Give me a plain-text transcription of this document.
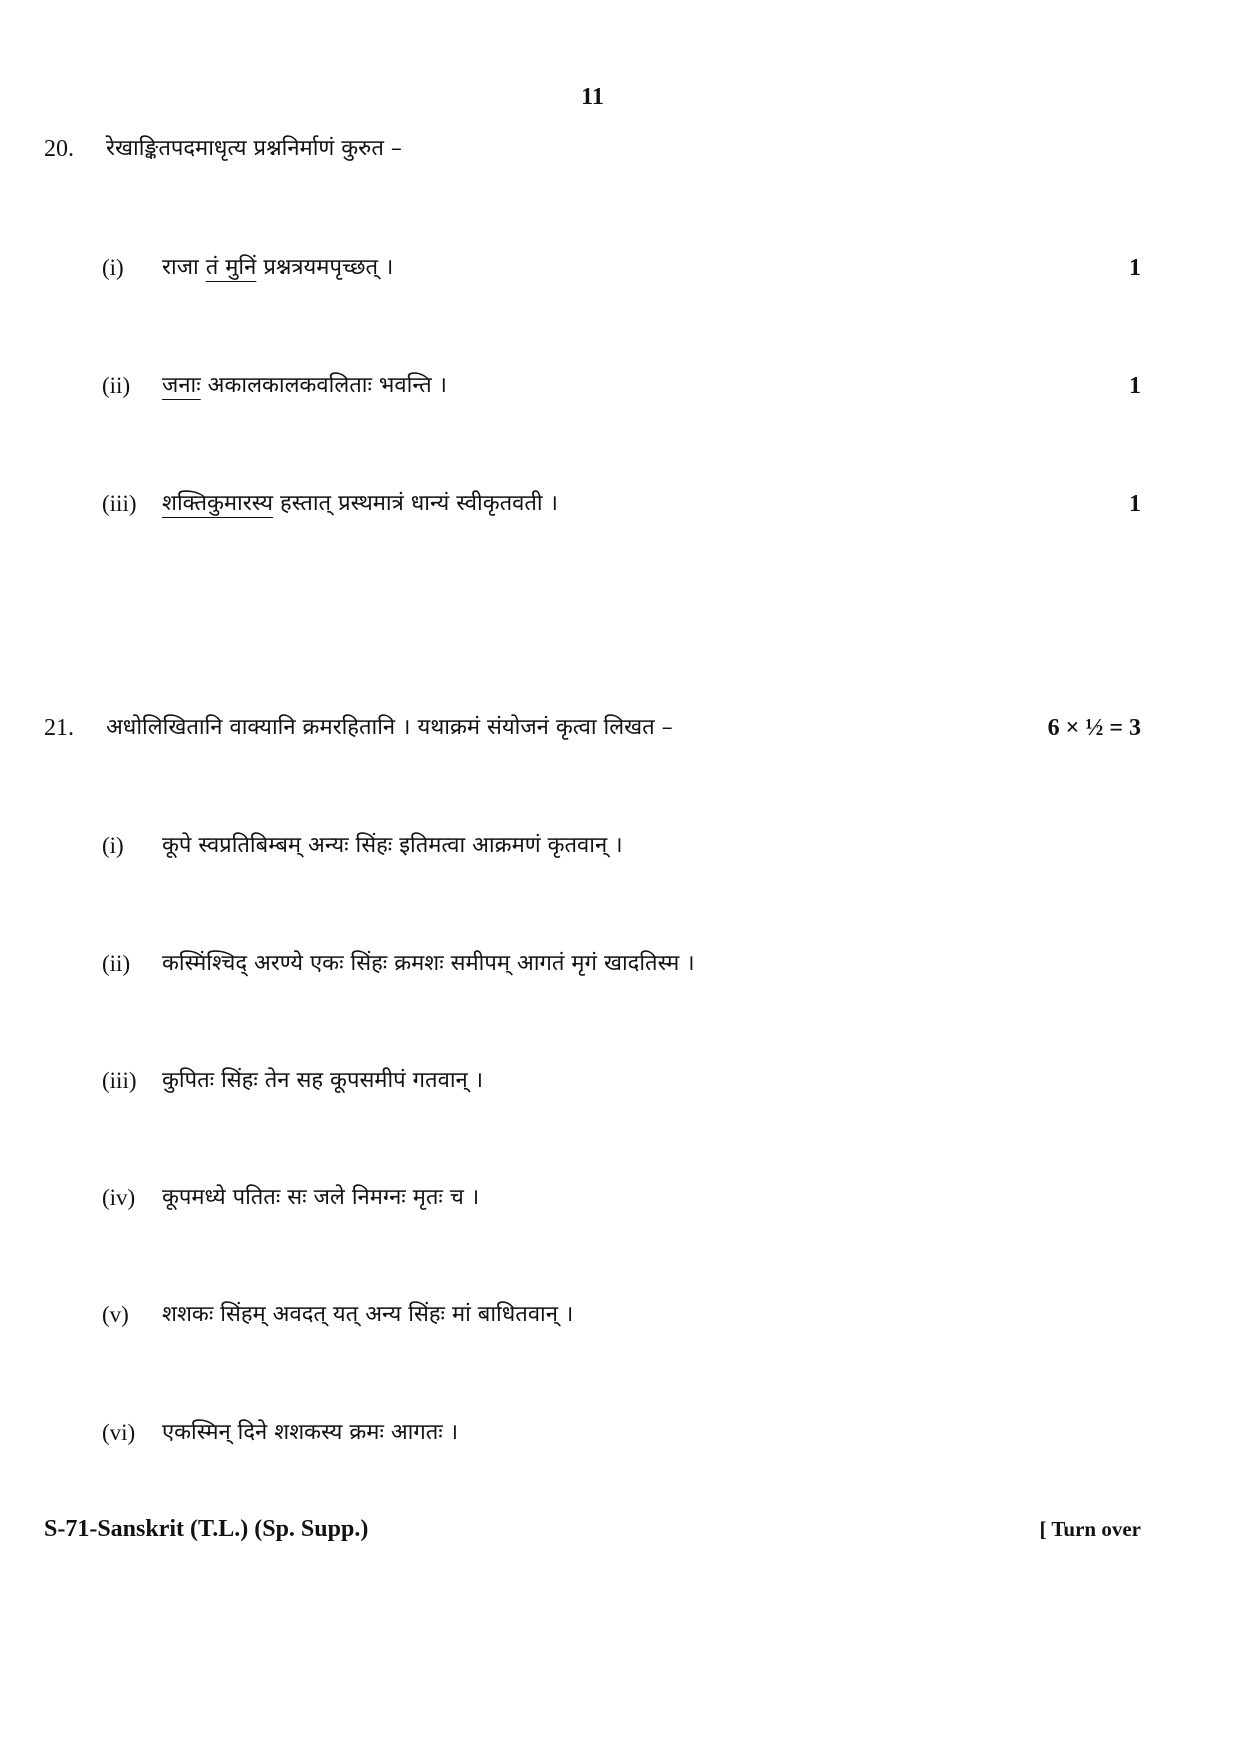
11
20. रेखाङ्कितपदमाधृत्य प्रश्ननिर्माणं कुरुत –
(i) राजा तं मुनिं प्रश्नत्रयमपृच्छत् ।	1
(ii) जनाः अकालकालकवलिताः भवन्ति ।	1
(iii) शक्तिकुमारस्य हस्तात् प्रस्थमात्रं धान्यं स्वीकृतवती ।	1
21. अधोलिखितानि वाक्यानि क्रमरहितानि । यथाक्रमं संयोजनं कृत्वा लिखत –	6 × ½ = 3
(i) कूपे स्वप्रतिबिम्बम् अन्यः सिंहः इतिमत्वा आक्रमणं कृतवान् ।
(ii) कस्मिंश्चिद् अरण्ये एकः सिंहः क्रमशः समीपम् आगतं मृगं खादतिस्म ।
(iii) कुपितः सिंहः तेन सह कूपसमीपं गतवान् ।
(iv) कूपमध्ये पतितः सः जले निमग्नः मृतः च ।
(v) शशकः सिंहम् अवदत् यत् अन्य सिंहः मां बाधितवान् ।
(vi) एकस्मिन् दिने शशकस्य क्रमः आगतः ।
S-71-Sanskrit (T.L.) (Sp. Supp.)	[ Turn over
